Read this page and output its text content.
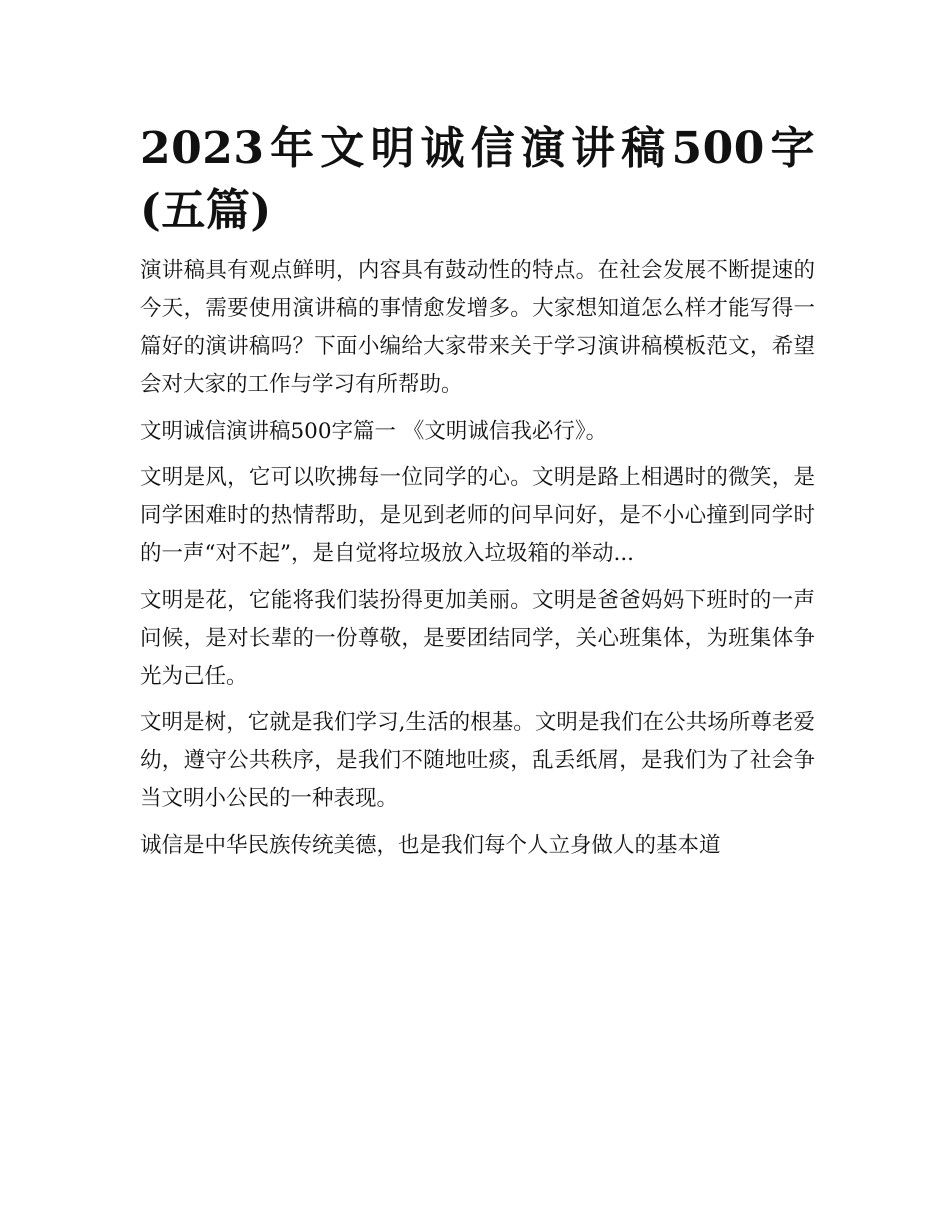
2023年文明诚信演讲稿500字(五篇)

演讲稿具有观点鲜明，内容具有鼓动性的特点。在社会发展不断提速的今天，需要使用演讲稿的事情愈发增多。大家想知道怎么样才能写得一篇好的演讲稿吗？下面小编给大家带来关于学习演讲稿模板范文，希望会对大家的工作与学习有所帮助。

文明诚信演讲稿500字篇一 《文明诚信我必行》。

文明是风，它可以吹拂每一位同学的心。文明是路上相遇时的微笑，是同学困难时的热情帮助，是见到老师的问早问好，是不小心撞到同学时的一声“对不起”，是自觉将垃圾放入垃圾箱的举动...

文明是花，它能将我们装扮得更加美丽。文明是爸爸妈妈下班时的一声问候，是对长辈的一份尊敬，是要团结同学，关心班集体，为班集体争光为己任。

文明是树，它就是我们学习,生活的根基。文明是我们在公共场所尊老爱幼，遵守公共秩序，是我们不随地吐痰，乱丢纸屑，是我们为了社会争当文明小公民的一种表现。

诚信是中华民族传统美德，也是我们每个人立身做人的基本道
